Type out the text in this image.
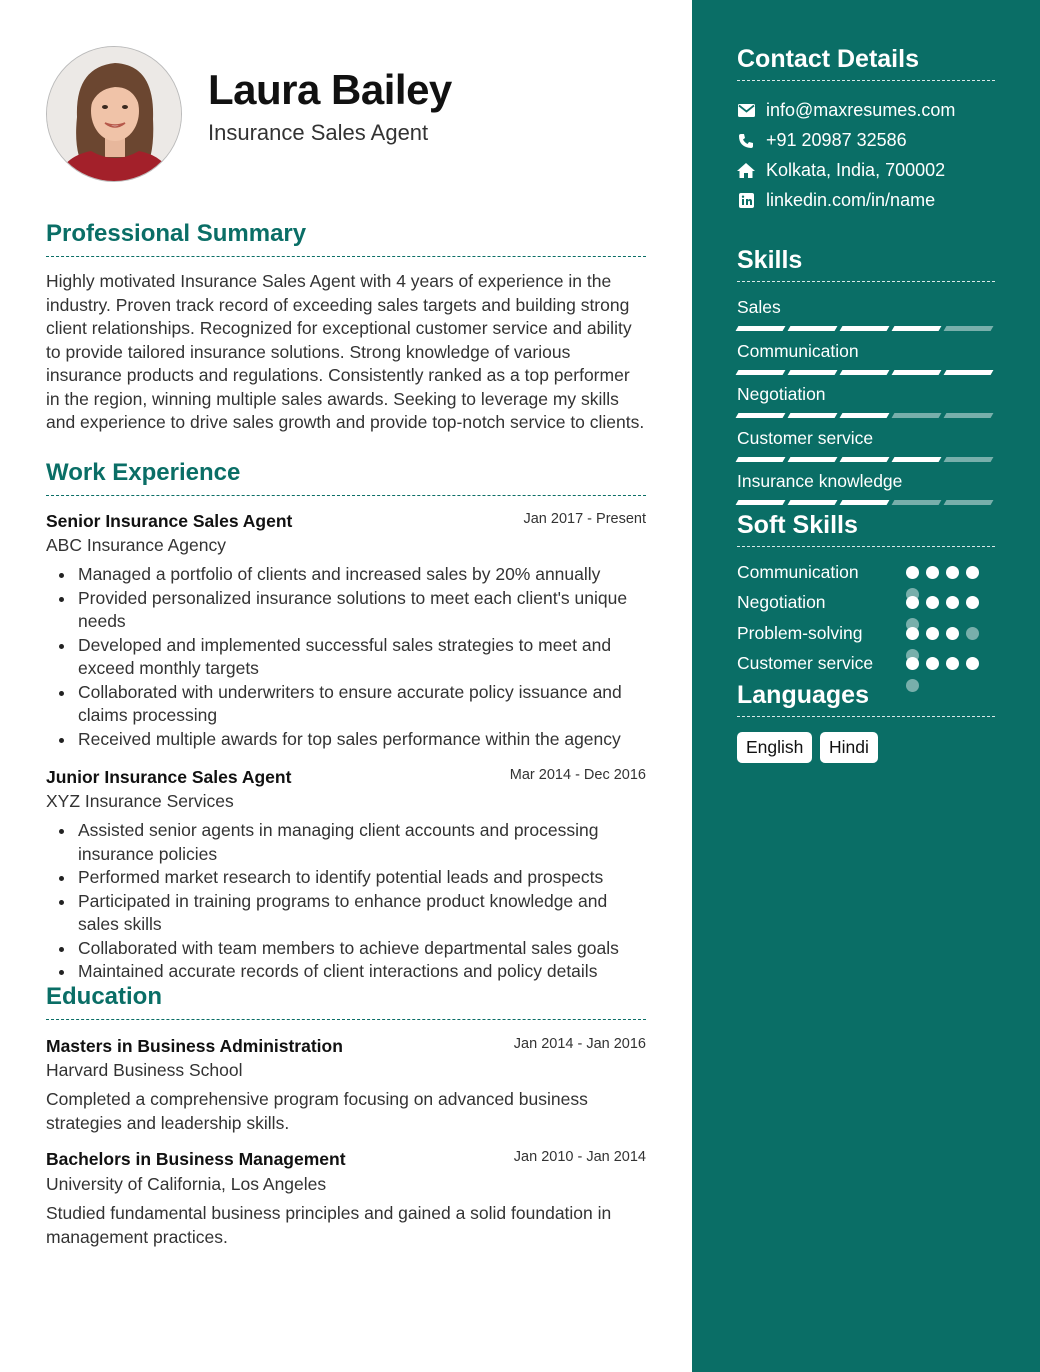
Laura Bailey
Insurance Sales Agent
Professional Summary
Highly motivated Insurance Sales Agent with 4 years of experience in the industry. Proven track record of exceeding sales targets and building strong client relationships. Recognized for exceptional customer service and ability to provide tailored insurance solutions. Strong knowledge of various insurance products and regulations. Consistently ranked as a top performer in the region, winning multiple sales awards. Seeking to leverage my skills and experience to drive sales growth and provide top-notch service to clients.
Work Experience
Senior Insurance Sales Agent	Jan 2017 - Present
ABC Insurance Agency
Managed a portfolio of clients and increased sales by 20% annually
Provided personalized insurance solutions to meet each client's unique needs
Developed and implemented successful sales strategies to meet and exceed monthly targets
Collaborated with underwriters to ensure accurate policy issuance and claims processing
Received multiple awards for top sales performance within the agency
Junior Insurance Sales Agent	Mar 2014 - Dec 2016
XYZ Insurance Services
Assisted senior agents in managing client accounts and processing insurance policies
Performed market research to identify potential leads and prospects
Participated in training programs to enhance product knowledge and sales skills
Collaborated with team members to achieve departmental sales goals
Maintained accurate records of client interactions and policy details
Education
Masters in Business Administration	Jan 2014 - Jan 2016
Harvard Business School
Completed a comprehensive program focusing on advanced business strategies and leadership skills.
Bachelors in Business Management	Jan 2010 - Jan 2014
University of California, Los Angeles
Studied fundamental business principles and gained a solid foundation in management practices.
Contact Details
info@maxresumes.com
+91 20987 32586
Kolkata, India, 700002
linkedin.com/in/name
Skills
Sales
Communication
Negotiation
Customer service
Insurance knowledge
Soft Skills
Communication
Negotiation
Problem-solving
Customer service
Languages
English	Hindi
